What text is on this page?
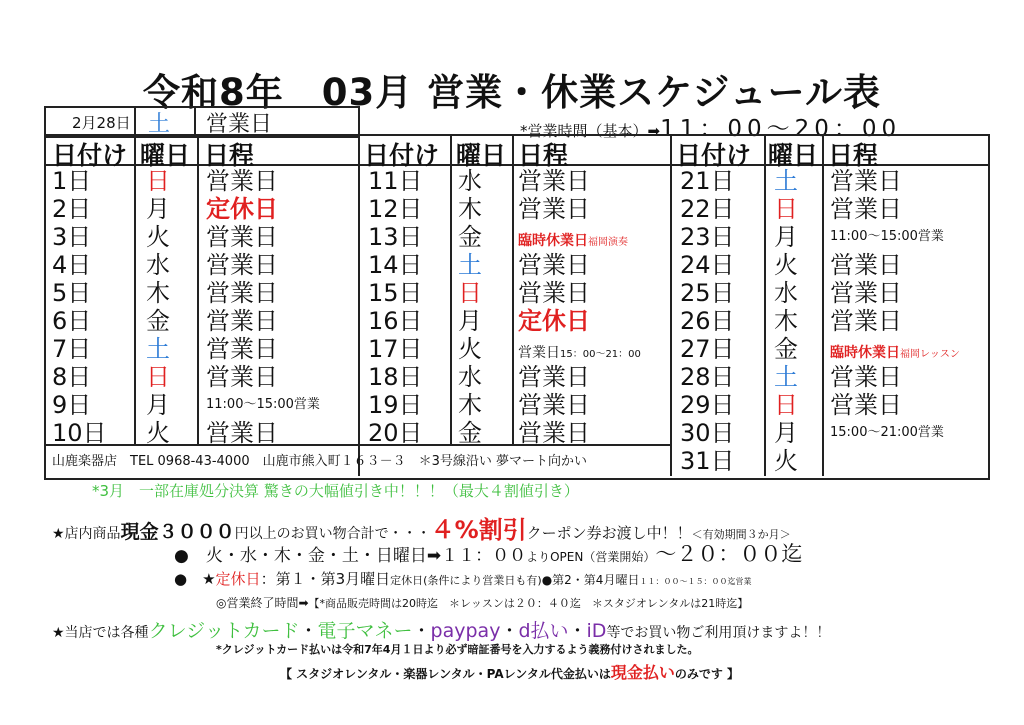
令和8年　03月 営業・休業スケジュール表
2月28日 土 営業日	*営業時間（基本）➡11：00～20：00
日付け 曜日 日程	日付け 曜日 日程	日付け 曜日 日程
1日 日 営業日
2日 月 定休日
3日 火 営業日
4日 水 営業日
5日 木 営業日
6日 金 営業日
7日 土 営業日
8日 日 営業日
9日 月	11:00～15:00営業
10日 火 営業日
11日 水 営業日
12日 木 営業日
13日 金	臨時休業日福岡演奏
14日 土 営業日
15日 日 営業日
16日 月 定休日
17日 火	営業日15：00～21：00
18日 水 営業日
19日 木 営業日
20日 金 営業日
21日 土 営業日
22日 日 営業日
23日 月 11:00～15:00営業
24日 火 営業日
25日 水 営業日
26日 木 営業日
27日 金 臨時休業日福岡レッスン
28日 土 営業日
29日 日 営業日
30日 月 15:00～21:00営業
31日 火
山鹿楽器店　TEL 0968-43-4000　山鹿市熊入町１６３－３　＊3号線沿い 夢マート向かい
*3月　一部在庫処分決算 驚きの大幅値引き中！！！（最大４割値引き）
★店内商品現金３０００円以上のお買い物合計で・・・４%割引クーポン券お渡し中！！＜有効期間３か月＞
●　火・水・木・金・土・日曜日➡１１：００よりOPEN（営業開始）～２０：００迄
●　★定休日：第１・第3月曜日定休日(条件により営業日も有)●第2・第4月曜日１１：００～１５：００迄営業
◎営業終了時間➡【*商品販売時間は20時迄　＊レッスンは２０：４０迄　＊スタジオレンタルは21時迄】
★当店では各種クレジットカード・電子マネー・paypay・d払い・iD等でお買い物ご利用頂けますよ！！
*クレジットカード払いは令和7年4月１日より必ず暗証番号を入力するよう義務付けされました。
【 スタジオレンタル・楽器レンタル・PAレンタル代金払いは現金払いのみです 】
